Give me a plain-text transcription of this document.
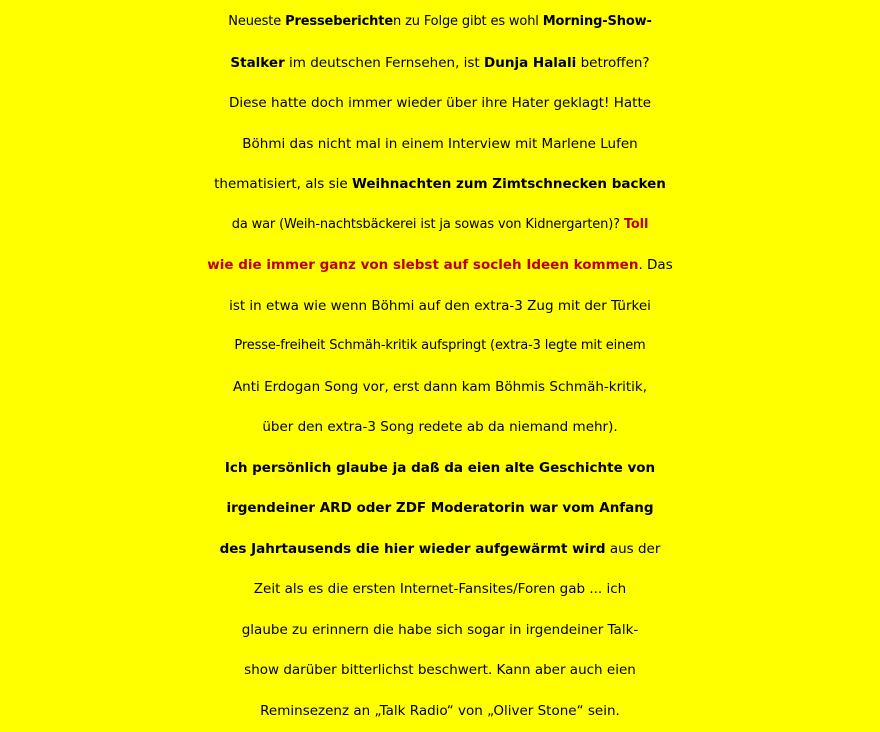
Neueste Presseberichten zu Folge gibt es wohl Morning-Show-
Stalker im deutschen Fernsehen, ist Dunja Halali betroffen?
Diese hatte doch immer wieder über ihre Hater geklagt! Hatte
Böhmi das nicht mal in einem Interview mit Marlene Lufen
thematisiert, als sie Weihnachten zum Zimtschnecken backen
da war (Weih-nachtsbäckerei ist ja sowas von Kidnergarten)? Toll
wie die immer ganz von slebst auf socleh Ideen kommen. Das
ist in etwa wie wenn Böhmi auf den extra-3 Zug mit der Türkei
Presse-freiheit Schmäh-kritik aufspringt (extra-3 legte mit einem
Anti Erdogan Song vor, erst dann kam Böhmis Schmäh-kritik,
über den extra-3 Song redete ab da niemand mehr).
Ich persönlich glaube ja daß da eien alte Geschichte von
irgendeiner ARD oder ZDF Moderatorin war vom Anfang
des Jahrtausends die hier wieder aufgewärmt wird aus der
Zeit als es die ersten Internet-Fansites/Foren gab ... ich
glaube zu erinnern die habe sich sogar in irgendeiner Talk-
show darüber bitterlichst beschwert. Kann aber auch eien
Reminsezenz an „Talk Radio“ von „Oliver Stone“ sein.
